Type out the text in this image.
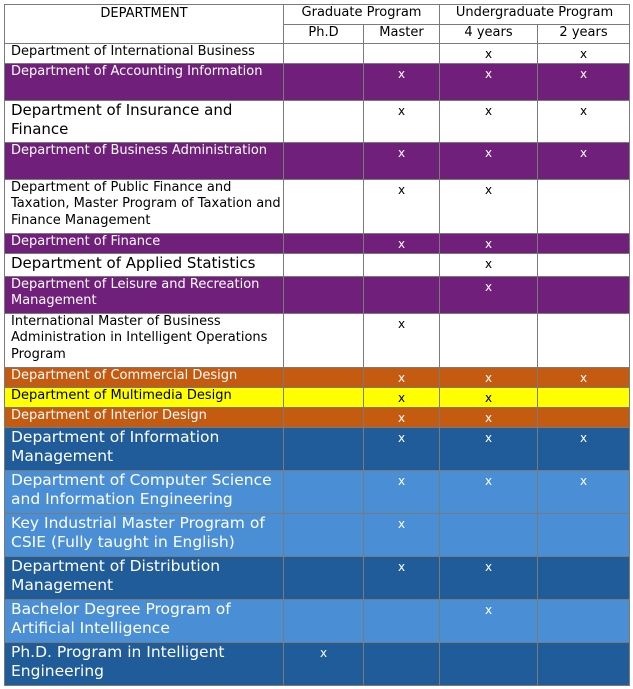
DEPARTMENT	Graduate Program		Undergraduate Program	
	Ph.D	Master	4 years	2 years
Department of International Business			x	x
Department of Accounting Information		x	x	x
Department of Insurance and Finance		x	x	x
Department of Business Administration		x	x	x
Department of Public Finance and Taxation, Master Program of Taxation and Finance Management		x	x	
Department of Finance		x	x	
Department of Applied Statistics			x	
Department of Leisure and Recreation Management			x	
International Master of Business Administration in Intelligent Operations Program		x		
Department of Commercial Design		x	x	x
Department of Multimedia Design		x	x	
Department of Interior Design		x	x	
Department of Information Management		x	x	x
Department of Computer Science and Information Engineering		x	x	x
Key Industrial Master Program of CSIE (Fully taught in English)		x		
Department of Distribution Management		x	x	
Bachelor Degree Program of Artificial Intelligence			x	
Ph.D. Program in Intelligent Engineering	x			
